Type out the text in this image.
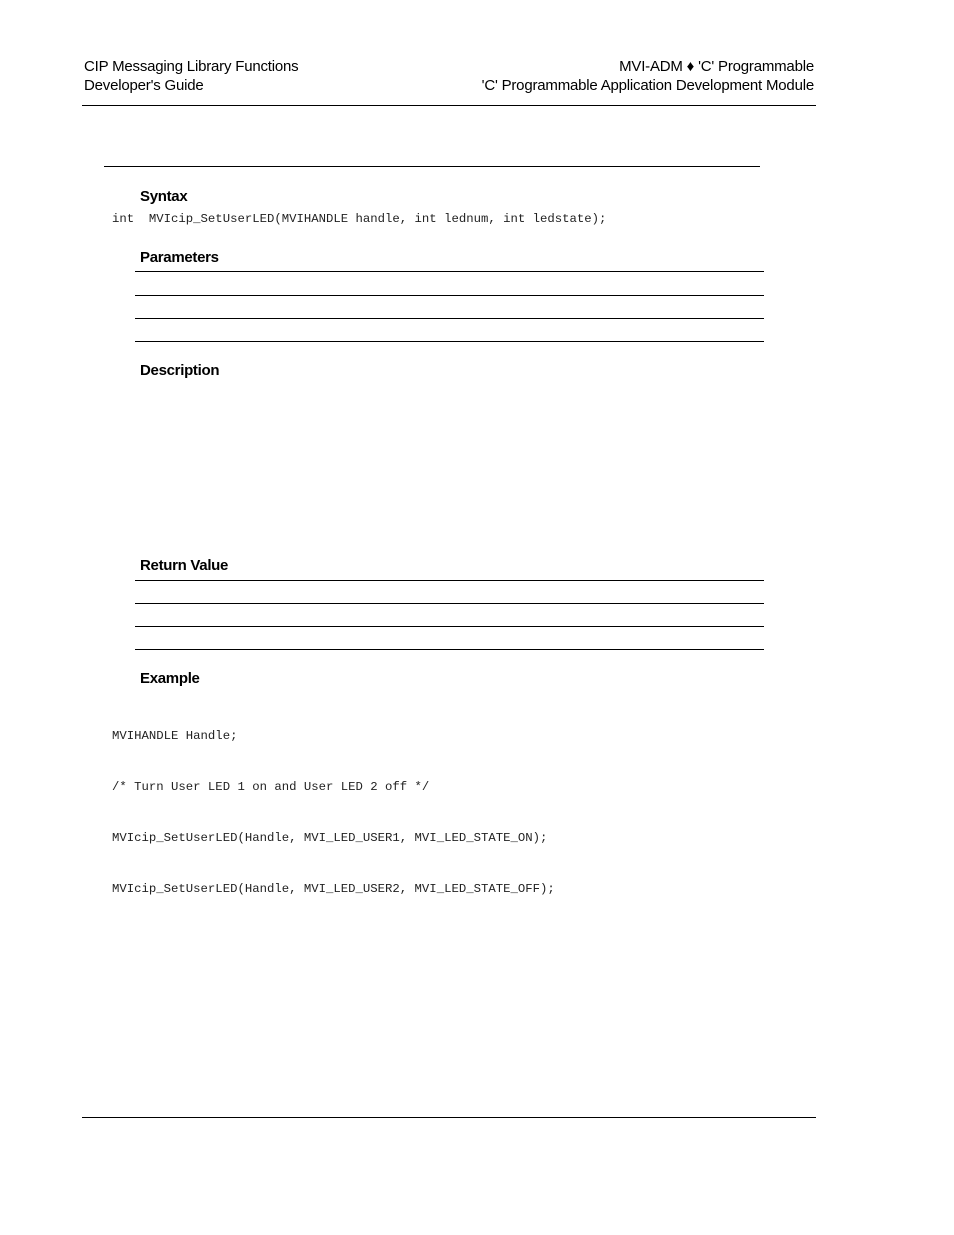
CIP Messaging Library Functions
Developer's Guide
MVI-ADM ♦ 'C' Programmable
'C' Programmable Application Development Module
Syntax
int  MVIcip_SetUserLED(MVIHANDLE handle, int lednum, int ledstate);
Parameters
Description
Return Value
Example

MVIHANDLE Handle;

/* Turn User LED 1 on and User LED 2 off */

MVIcip_SetUserLED(Handle, MVI_LED_USER1, MVI_LED_STATE_ON);

MVIcip_SetUserLED(Handle, MVI_LED_USER2, MVI_LED_STATE_OFF);
